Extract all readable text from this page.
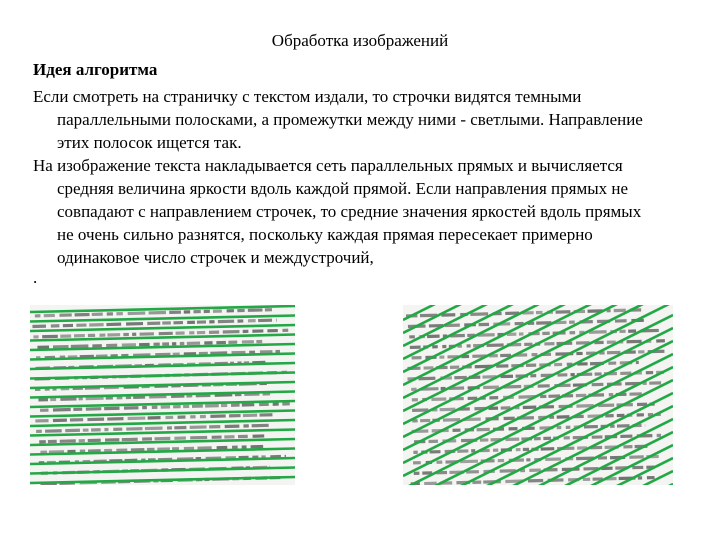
Обработка изображений
Идея алгоритма
Если смотреть на страничку с текстом издали, то строчки видятся темными
параллельными полосками, а промежутки между ними - светлыми. Направление
этих полосок ищется так.
На изображение текста накладывается сеть параллельных прямых и вычисляется
средняя величина яркости вдоль каждой прямой. Если направления прямых не
совпадают с направлением строчек, то средние значения яркостей вдоль прямых
не очень сильно разнятся, поскольку каждая прямая пересекает примерно
одинаковое число строчек и междустрочий,
.
